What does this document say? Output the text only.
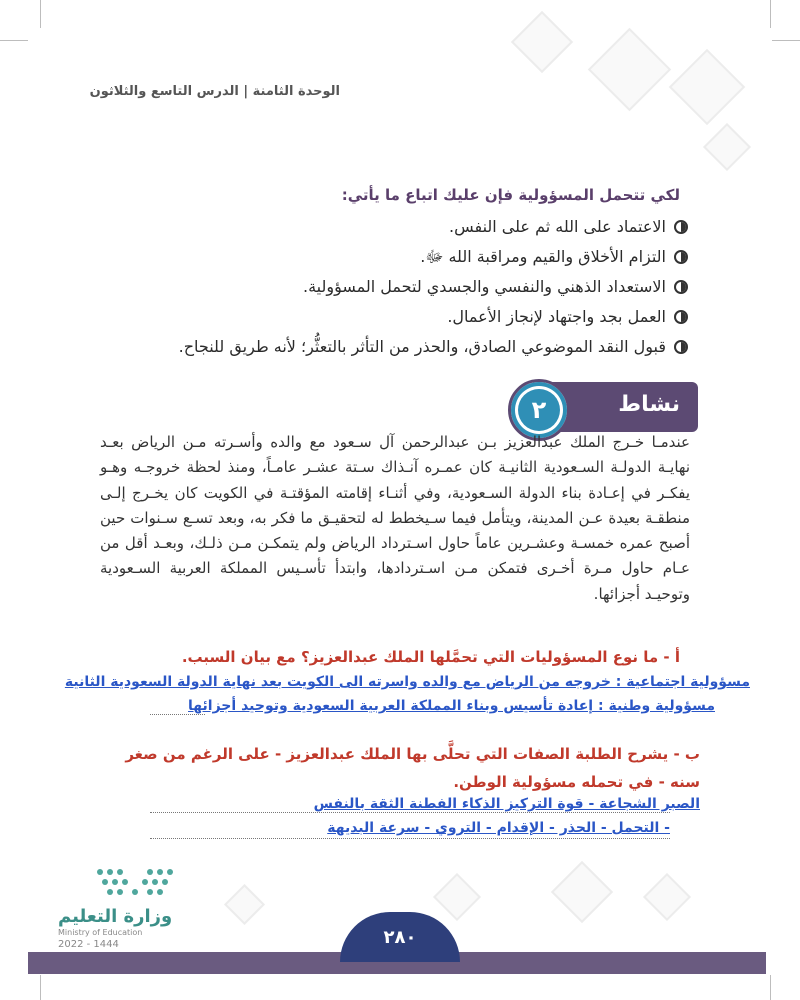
الوحدة الثامنة | الدرس التاسع والثلاثون
لكي تتحمل المسؤولية فإن عليك اتباع ما يأتي:
الاعتماد على الله ثم على النفس.
التزام الأخلاق والقيم ومراقبة الله ﷻ.
الاستعداد الذهني والنفسي والجسدي لتحمل المسؤولية.
العمل بجد واجتهاد لإنجاز الأعمال.
قبول النقد الموضوعي الصادق، والحذر من التأثر بالتعثُّر؛ لأنه طريق للنجاح.
نشاط
٢
عندمـا خـرج الملك عبدالعزيز بـن عبدالرحمن آل سـعود مع والده وأسـرته مـن الرياض بعـد نهايـة الدولـة السـعودية الثانيـة كان عمـره آنـذاك سـتة عشـر عامـاً، ومنذ لحظة خروجـه وهـو يفكـر في إعـادة بناء الدولة السـعودية، وفي أثنـاء إقامته المؤقتـة في الكويت كان يخـرج إلـى منطقـة بعيدة عـن المدينة، ويتأمل فيما سـيخطط له لتحقيـق ما فكر به، وبعد تسـع سـنوات حين أصبح عمره خمسـة وعشـرين عاماً حاول اسـترداد الرياض ولم يتمكـن مـن ذلـك، وبعـد أقل من عـام حاول مـرة أخـرى فتمكن مـن اسـتردادها، وابتدأ تأسـيس المملكة العربية السـعودية وتوحيـد أجزائها.
أ - ما نوع المسؤوليات التي تحمَّلها الملك عبدالعزيز؟ مع بيان السبب.
مسؤولية اجتماعية : خروجه من الرياض مع والده واسرته الى الكويت بعد نهاية الدولة السعودية الثانية
مسؤولية وطنية : إعادة تأسيس وبناء المملكة العربية السعودية وتوحيد أجزائها
ب - يشرح الطلبة الصفات التي تحلَّى بها الملك عبدالعزيز - على الرغم من صغر سنه - في تحمله مسؤولية الوطن.
الصبر الشجاعة - قوة التركيز الذكاء الفطنة الثقة بالنفس
- التحمل - الحذر - الإقدام - التروي - سرعة البديهة
وزارة التعليم
Ministry of Education
2022 - 1444	٢٨٠
